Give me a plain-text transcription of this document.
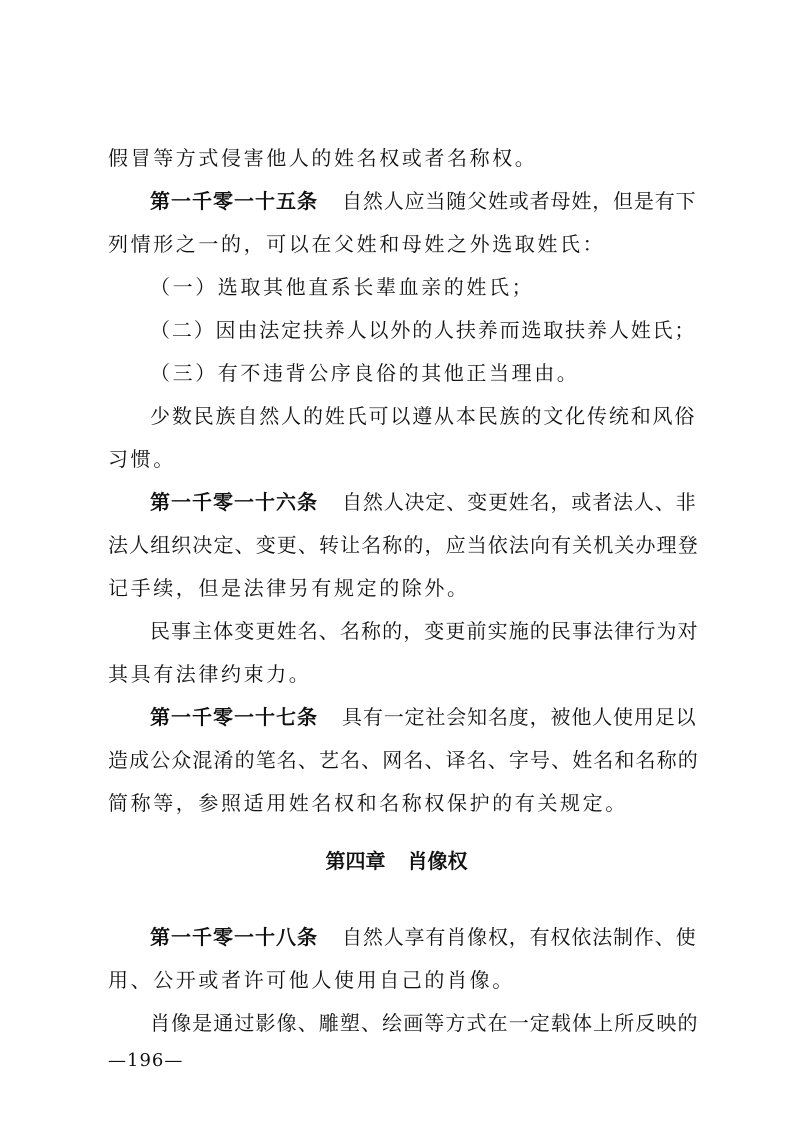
假冒等方式侵害他人的姓名权或者名称权。
第一千零一十五条 自然人应当随父姓或者母姓，但是有下
列情形之一的，可以在父姓和母姓之外选取姓氏：
（一）选取其他直系长辈血亲的姓氏；
（二）因由法定扶养人以外的人扶养而选取扶养人姓氏；
（三）有不违背公序良俗的其他正当理由。
少数民族自然人的姓氏可以遵从本民族的文化传统和风俗
习惯。
第一千零一十六条 自然人决定、变更姓名，或者法人、非
法人组织决定、变更、转让名称的，应当依法向有关机关办理登
记手续，但是法律另有规定的除外。
民事主体变更姓名、名称的，变更前实施的民事法律行为对
其具有法律约束力。
第一千零一十七条 具有一定社会知名度，被他人使用足以
造成公众混淆的笔名、艺名、网名、译名、字号、姓名和名称的
简称等，参照适用姓名权和名称权保护的有关规定。
第四章 肖像权
第一千零一十八条 自然人享有肖像权，有权依法制作、使
用、公开或者许可他人使用自己的肖像。
肖像是通过影像、雕塑、绘画等方式在一定载体上所反映的
—196—
